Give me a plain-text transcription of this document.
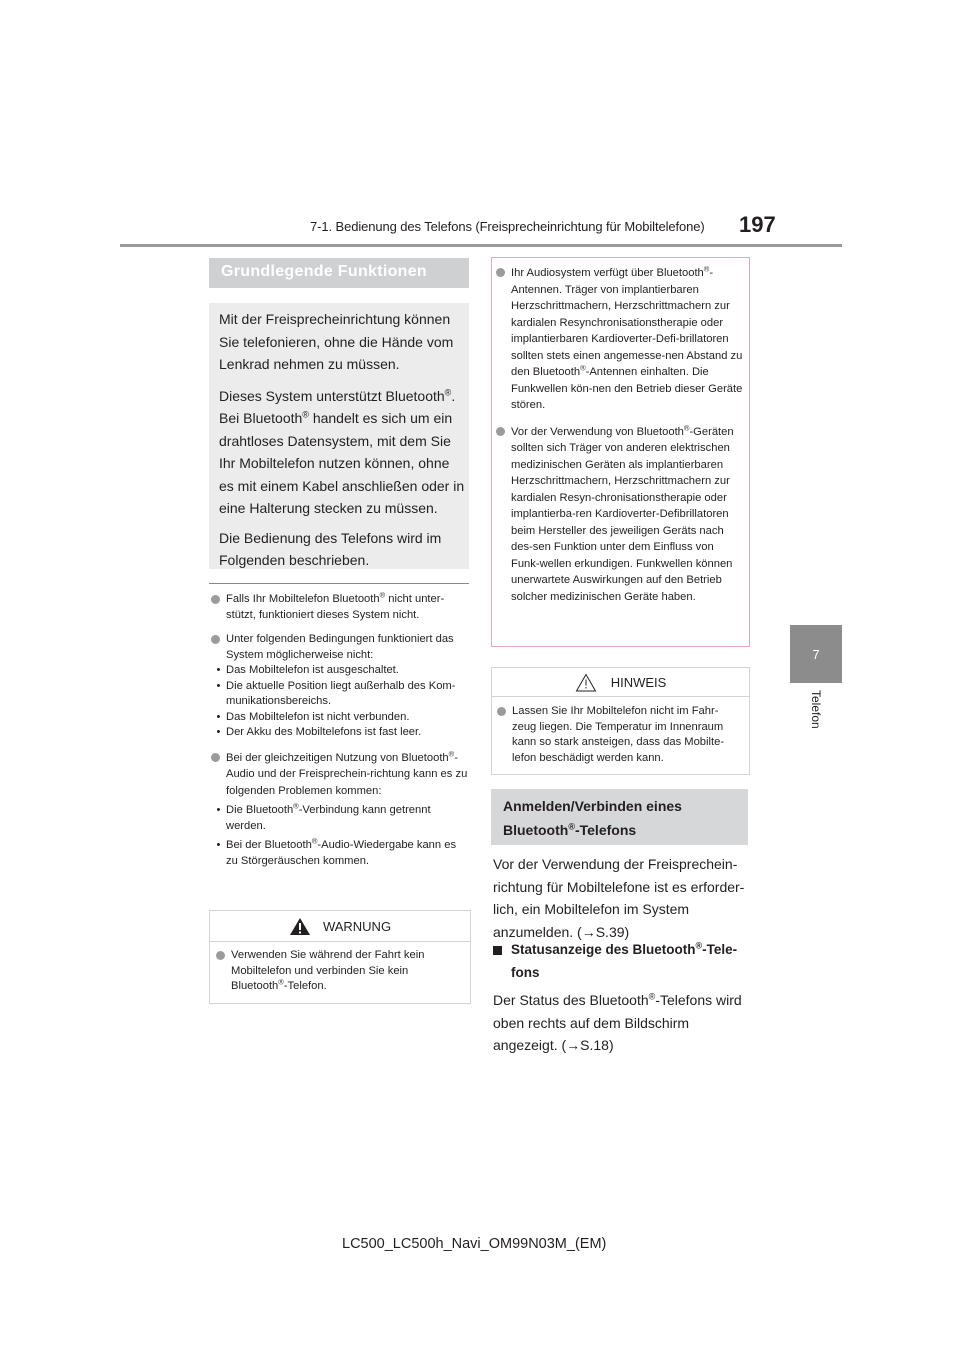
7-1. Bedienung des Telefons (Freisprecheinrichtung für Mobiltelefone) 197
7
Telefon
Grundlegende Funktionen

Mit der Freisprecheinrichtung können Sie telefonieren, ohne die Hände vom Lenkrad nehmen zu müssen.

Dieses System unterstützt Bluetooth®. Bei Bluetooth® handelt es sich um ein drahtloses Datensystem, mit dem Sie Ihr Mobiltelefon nutzen können, ohne es mit einem Kabel anschließen oder in eine Halterung stecken zu müssen.

Die Bedienung des Telefons wird im Folgenden beschrieben.

Falls Ihr Mobiltelefon Bluetooth® nicht unter-stützt, funktioniert dieses System nicht.
Unter folgenden Bedingungen funktioniert das System möglicherweise nicht:
• Das Mobiltelefon ist ausgeschaltet.
• Die aktuelle Position liegt außerhalb des Kom-munikationsbereichs.
• Das Mobiltelefon ist nicht verbunden.
• Der Akku des Mobiltelefons ist fast leer.
Bei der gleichzeitigen Nutzung von Bluetooth®-Audio und der Freisprechein-richtung kann es zu folgenden Problemen kommen:
• Die Bluetooth®-Verbindung kann getrennt werden.
• Bei der Bluetooth®-Audio-Wiedergabe kann es zu Störgeräuschen kommen.
WARNUNG
Verwenden Sie während der Fahrt kein Mobiltelefon und verbinden Sie kein Bluetooth®-Telefon.
Ihr Audiosystem verfügt über Bluetooth®-Antennen. Träger von implantierbaren Herzschrittmachern, Herzschrittmachern zur kardialen Resynchronisationstherapie oder implantierbaren Kardioverter-Defi-brillatoren sollten stets einen angemesse-nen Abstand zu den Bluetooth®-Antennen einhalten. Die Funkwellen kön-nen den Betrieb dieser Geräte stören.
Vor der Verwendung von Bluetooth®-Geräten sollten sich Träger von anderen elektrischen medizinischen Geräten als implantierbaren Herzschrittmachern, Herzschrittmachern zur kardialen Resyn-chronisationstherapie oder implantierba-ren Kardioverter-Defibrillatoren beim Hersteller des jeweiligen Geräts nach des-sen Funktion unter dem Einfluss von Funk-wellen erkundigen. Funkwellen können unerwartete Auswirkungen auf den Betrieb solcher medizinischen Geräte haben.
HINWEIS
Lassen Sie Ihr Mobiltelefon nicht im Fahr-zeug liegen. Die Temperatur im Innenraum kann so stark ansteigen, dass das Mobilte-lefon beschädigt werden kann.
Anmelden/Verbinden eines
Bluetooth®-Telefons
Vor der Verwendung der Freisprechein-richtung für Mobiltelefone ist es erforder-lich, ein Mobiltelefon im System anzumelden. (→S.39)
Statusanzeige des Bluetooth®-Tele-fons
Der Status des Bluetooth®-Telefons wird oben rechts auf dem Bildschirm angezeigt. (→S.18)
LC500_LC500h_Navi_OM99N03M_(EM)
